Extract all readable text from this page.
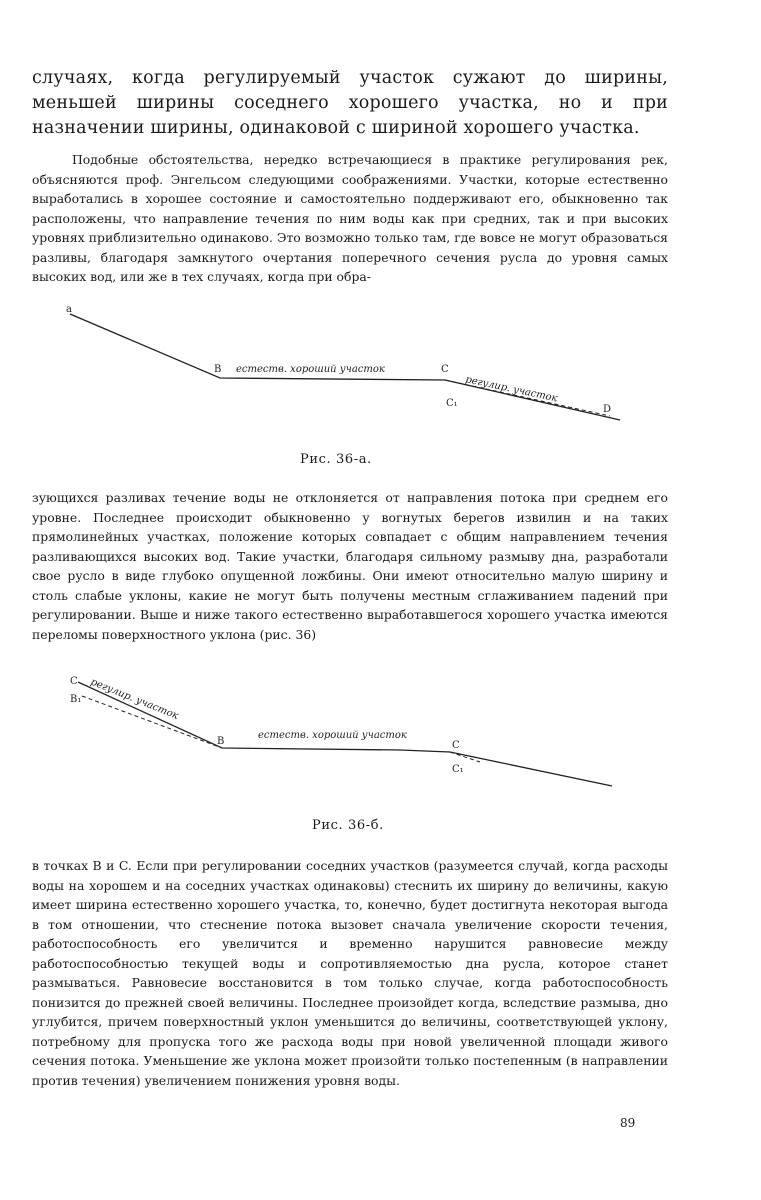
случаях, когда регулируемый участок сужают до ширины, меньшей ширины соседнего хорошего участка, но и при назначении ширины, одинаковой с шириной хорошего участка.

Подобные обстоятельства, нередко встречающиеся в практике регулирования рек, объясняются проф. Энгельсом следующими соображениями. Участки, которые естественно выработались в хорошее состояние и самостоятельно поддерживают его, обыкновенно так расположены, что направление течения по ним воды как при средних, так и при высоких уровнях приблизительно одинаково. Это возможно только там, где вовсе не могут образоваться разливы, благодаря замкнутого очертания поперечного сечения русла до уровня самых высоких вод, или же в тех случаях, когда при обра-

a
B	C
C₁
D
естеств. хороший участок
регулир. участок
Рис. 36-а.

зующихся разливах течение воды не отклоняется от направления потока при среднем его уровне. Последнее происходит обыкновенно у вогнутых берегов извилин и на таких прямолинейных участках, положение которых совпадает с общим направлением течения разливающихся высоких вод. Такие участки, благодаря сильному размыву дна, разработали свое русло в виде глубоко опущенной ложбины. Они имеют относительно малую ширину и столь слабые уклоны, какие не могут быть получены местным сглаживанием падений при регулировании. Выше и ниже такого естественно выработавшегося хорошего участка имеются переломы поверхностного уклона (рис. 36)

C
B₁
B	C
C₁
естеств. хороший участок
регулир. участок
Рис. 36-б.

в точках B и C. Если при регулировании соседних участков (разумеется случай, когда расходы воды на хорошем и на соседних участках одинаковы) стеснить их ширину до величины, какую имеет ширина естественно хорошего участка, то, конечно, будет достигнута некоторая выгода в том отношении, что стеснение потока вызовет сначала увеличение скорости течения, работоспособность его увеличится и временно нарушится равновесие между работоспособностью текущей воды и сопротивляемостью дна русла, которое станет размываться. Равновесие восстановится в том только случае, когда работоспособность понизится до прежней своей величины. Последнее произойдет когда, вследствие размыва, дно углубится, причем поверхностный уклон уменьшится до величины, соответствующей уклону, потребному для пропуска того же расхода воды при новой увеличенной площади живого сечения потока. Уменьшение же уклона может произойти только постепенным (в направлении против течения) увеличением понижения уровня воды.

89
